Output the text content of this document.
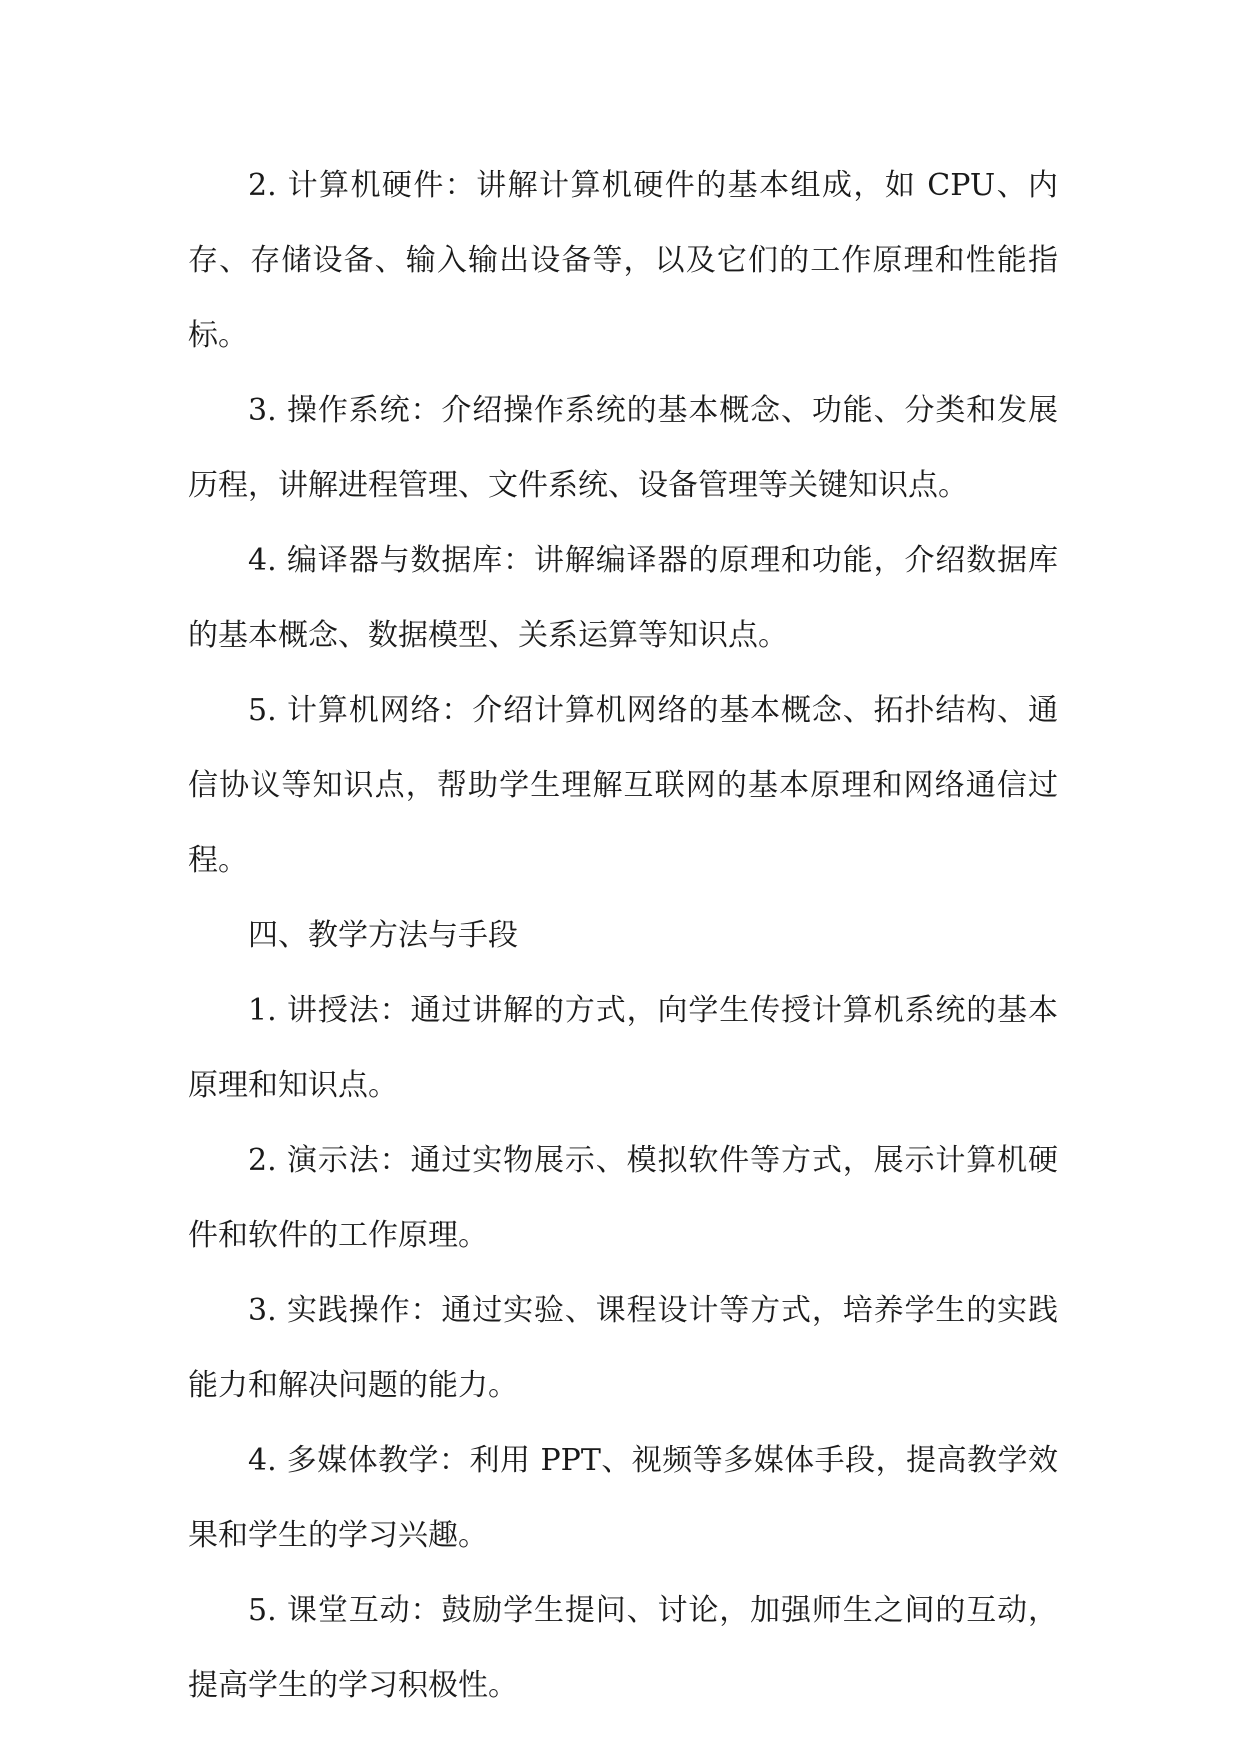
2. 计算机硬件：讲解计算机硬件的基本组成，如 CPU、内存、存储设备、输入输出设备等，以及它们的工作原理和性能指标。

3. 操作系统：介绍操作系统的基本概念、功能、分类和发展历程，讲解进程管理、文件系统、设备管理等关键知识点。

4. 编译器与数据库：讲解编译器的原理和功能，介绍数据库的基本概念、数据模型、关系运算等知识点。

5. 计算机网络：介绍计算机网络的基本概念、拓扑结构、通信协议等知识点，帮助学生理解互联网的基本原理和网络通信过程。

四、教学方法与手段

1. 讲授法：通过讲解的方式，向学生传授计算机系统的基本原理和知识点。

2. 演示法：通过实物展示、模拟软件等方式，展示计算机硬件和软件的工作原理。

3. 实践操作：通过实验、课程设计等方式，培养学生的实践能力和解决问题的能力。

4. 多媒体教学：利用 PPT、视频等多媒体手段，提高教学效果和学生的学习兴趣。

5. 课堂互动：鼓励学生提问、讨论，加强师生之间的互动，提高学生的学习积极性。
